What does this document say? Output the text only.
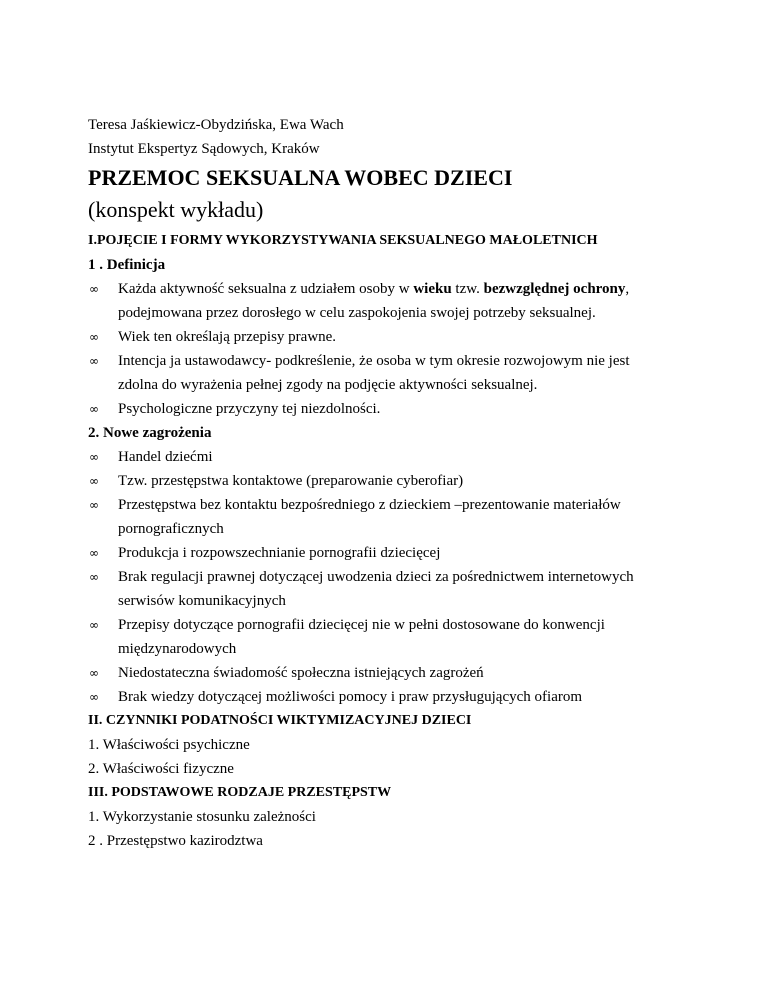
Teresa Jaśkiewicz-Obydzińska, Ewa Wach
Instytut Ekspertyz Sądowych, Kraków
PRZEMOC SEKSUALNA WOBEC DZIECI
(konspekt wykładu)
I.POJĘCIE I FORMY WYKORZYSTYWANIA SEKSUALNEGO MAŁOLETNICH
1 . Definicja
∞ Każda aktywność seksualna z udziałem osoby w wieku tzw. bezwzględnej ochrony, podejmowana przez dorosłego w celu zaspokojenia swojej potrzeby seksualnej.
∞ Wiek ten określają przepisy prawne.
∞ Intencja ja ustawodawcy- podkreślenie, że osoba w tym okresie rozwojowym nie jest zdolna do wyrażenia pełnej zgody na podjęcie aktywności seksualnej.
∞ Psychologiczne przyczyny tej niezdolności.
2. Nowe zagrożenia
∞ Handel dziećmi
∞ Tzw. przestępstwa kontaktowe (preparowanie cyberofiar)
∞ Przestępstwa bez kontaktu bezpośredniego z dzieckiem –prezentowanie materiałów pornograficznych
∞ Produkcja i rozpowszechnianie pornografii dziecięcej
∞ Brak regulacji prawnej dotyczącej uwodzenia dzieci za pośrednictwem internetowych serwisów komunikacyjnych
∞ Przepisy dotyczące pornografii dziecięcej nie w pełni dostosowane do konwencji międzynarodowych
∞ Niedostateczna świadomość społeczna istniejących zagrożeń
∞ Brak wiedzy dotyczącej możliwości pomocy i praw przysługujących ofiarom
II. CZYNNIKI PODATNOŚCI WIKTYMIZACYJNEJ DZIECI
1. Właściwości psychiczne
2. Właściwości fizyczne
III. PODSTAWOWE RODZAJE PRZESTĘPSTW
1. Wykorzystanie stosunku zależności
2 . Przestępstwo kazirodztwa
